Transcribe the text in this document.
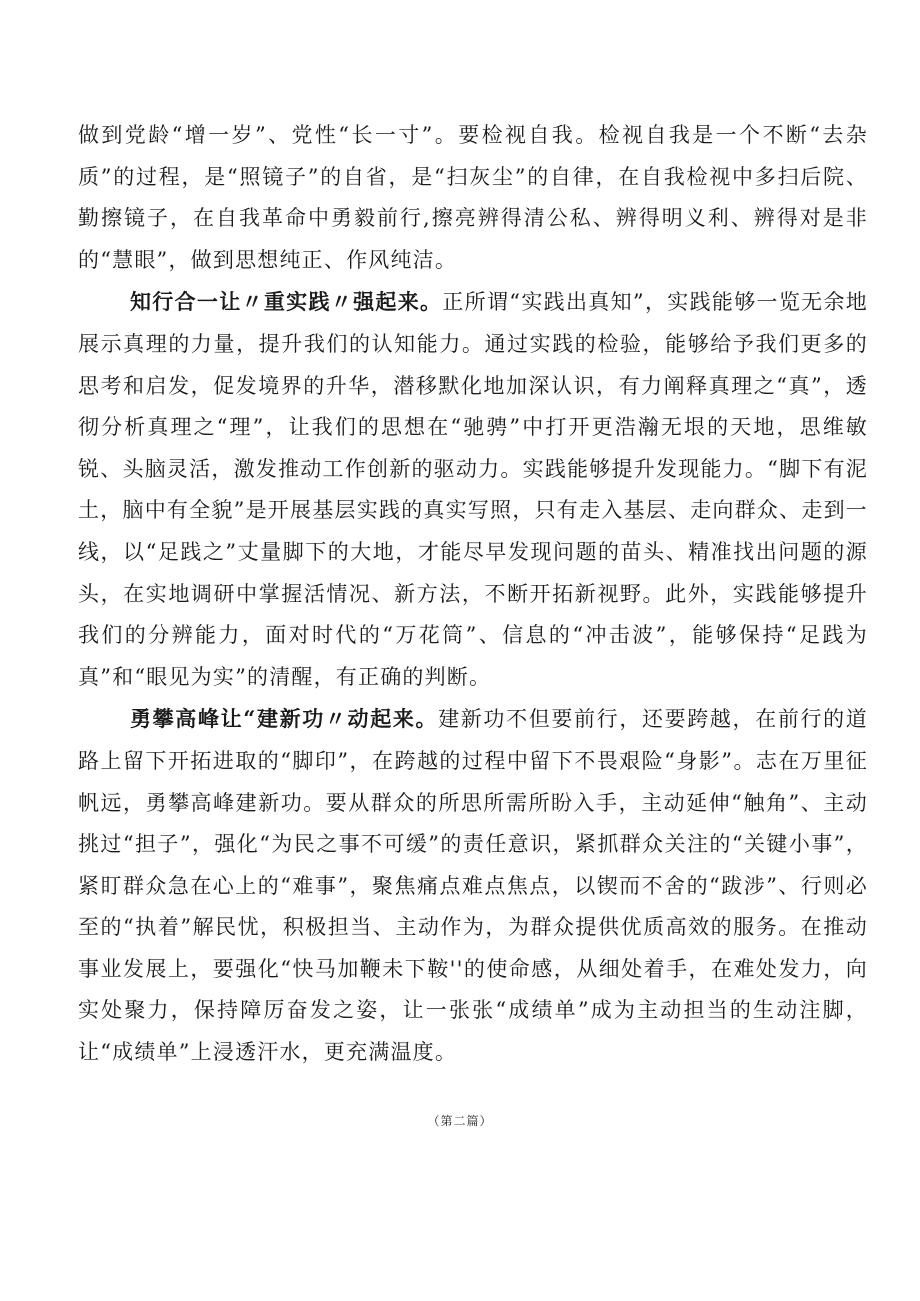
做到党龄“增一岁”、党性“长一寸”。要检视自我。检视自我是一个不断“去杂质”的过程，是“照镜子”的自省，是“扫灰尘”的自律，在自我检视中多扫后院、勤擦镜子，在自我革命中勇毅前行,擦亮辨得清公私、辨得明义利、辨得对是非的“慧眼”，做到思想纯正、作风纯洁。

知行合一让〃重实践〃强起来。正所谓“实践出真知”，实践能够一览无余地展示真理的力量，提升我们的认知能力。通过实践的检验，能够给予我们更多的思考和启发，促发境界的升华，潜移默化地加深认识，有力阐释真理之“真”，透彻分析真理之“理”，让我们的思想在“驰骋”中打开更浩瀚无垠的天地，思维敏锐、头脑灵活，激发推动工作创新的驱动力。实践能够提升发现能力。“脚下有泥土，脑中有全貌”是开展基层实践的真实写照，只有走入基层、走向群众、走到一线，以“足践之”丈量脚下的大地，才能尽早发现问题的苗头、精准找出问题的源头，在实地调研中掌握活情况、新方法，不断开拓新视野。此外，实践能够提升我们的分辨能力，面对时代的“万花筒”、信息的“冲击波”，能够保持“足践为真”和“眼见为实”的清醒，有正确的判断。

勇攀高峰让“建新功〃动起来。建新功不但要前行，还要跨越，在前行的道路上留下开拓进取的“脚印”，在跨越的过程中留下不畏艰险“身影”。志在万里征帆远，勇攀高峰建新功。要从群众的所思所需所盼入手，主动延伸“触角”、主动挑过“担子”，强化“为民之事不可缓”的责任意识，紧抓群众关注的“关键小事”，紧盯群众急在心上的“难事”，聚焦痛点难点焦点，以锲而不舍的“跋涉”、行则必至的“执着”解民忧，积极担当、主动作为，为群众提供优质高效的服务。在推动事业发展上，要强化“快马加鞭未下鞍''的使命感，从细处着手，在难处发力，向实处聚力，保持障厉奋发之姿，让一张张“成绩单”成为主动担当的生动注脚，让“成绩单”上浸透汗水，更充满温度。

（第二篇）
